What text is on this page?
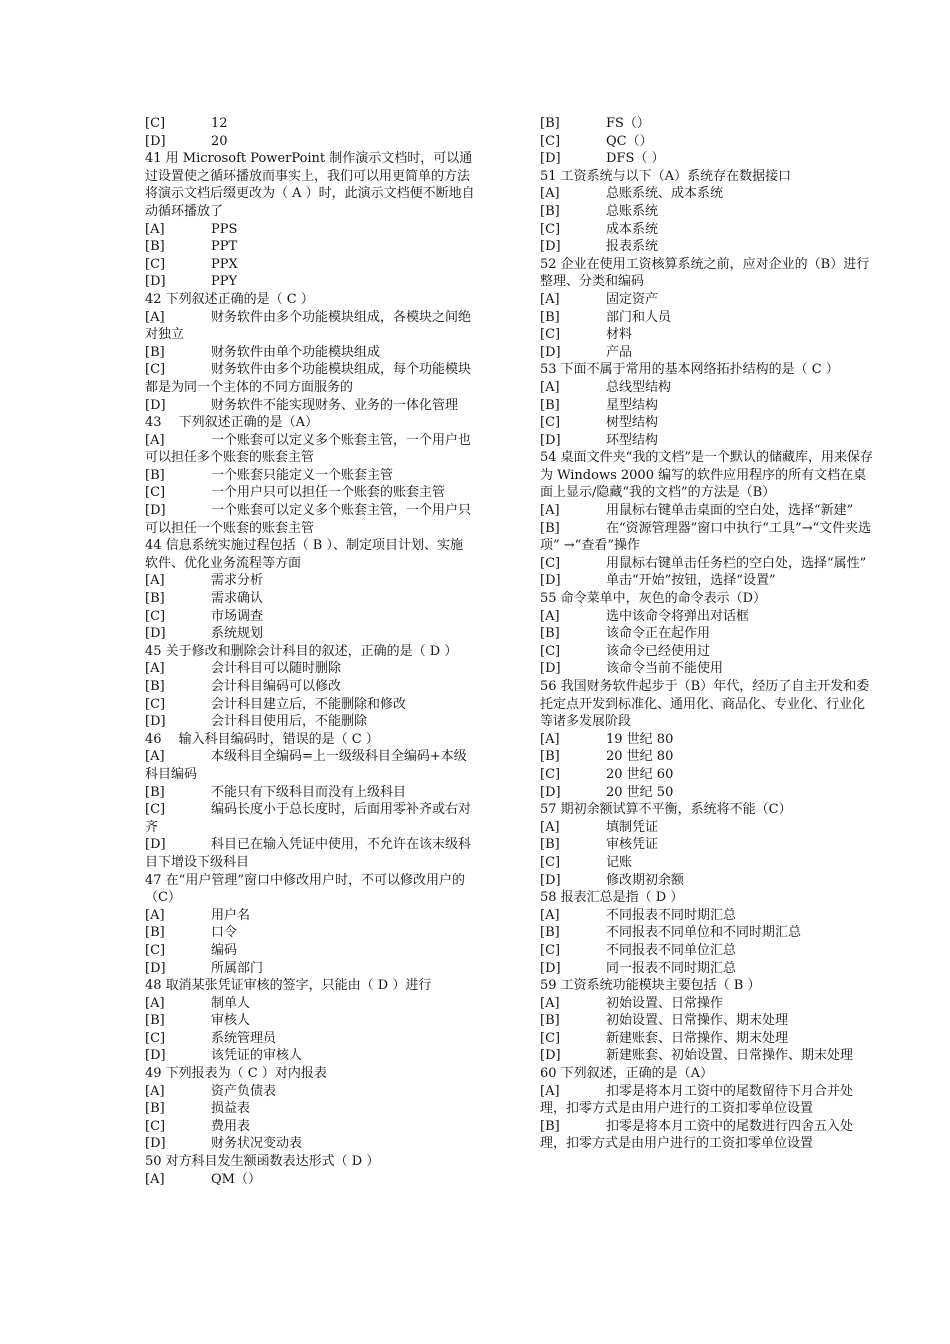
[C]	12
[D]	20
41 用 Microsoft PowerPoint 制作演示文档时，可以通过设置使之循环播放而事实上，我们可以用更简单的方法将演示文档后缀更改为（ A ）时，此演示文档便不断地自动循环播放了
[A]	PPS
[B]	PPT
[C]	PPX
[D]	PPY
42 下列叙述正确的是（ C ）
[A]	财务软件由多个功能模块组成，各模块之间绝对独立
[B]	财务软件由单个功能模块组成
[C]	财务软件由多个功能模块组成，每个功能模块都是为同一个主体的不同方面服务的
[D]	财务软件不能实现财务、业务的一体化管理
43　 下列叙述正确的是（A）
[A]	一个账套可以定义多个账套主管，一个用户也可以担任多个账套的账套主管
[B]	一个账套只能定义一个账套主管
[C]	一个用户只可以担任一个账套的账套主管
[D]	一个账套可以定义多个账套主管，一个用户只可以担任一个账套的账套主管
44 信息系统实施过程包括（ B ）、制定项目计划、实施软件、优化业务流程等方面
[A]	需求分析
[B]	需求确认
[C]	市场调查
[D]	系统规划
45 关于修改和删除会计科目的叙述，正确的是（ D ）
[A]	会计科目可以随时删除
[B]	会计科目编码可以修改
[C]	会计科目建立后，不能删除和修改
[D]	会计科目使用后，不能删除
46　 输入科目编码时，错误的是（ C ）
[A]	本级科目全编码=上一级级科目全编码+本级科目编码
[B]	不能只有下级科目而没有上级科目
[C]	编码长度小于总长度时，后面用零补齐或右对齐
[D]	科目已在输入凭证中使用，不允许在该末级科目下增设下级科目
47 在“用户管理”窗口中修改用户时，不可以修改用户的（C）
[A]	用户名
[B]	口令
[C]	编码
[D]	所属部门
48 取消某张凭证审核的签字，只能由（ D ）进行
[A]	制单人
[B]	审核人
[C]	系统管理员
[D]	该凭证的审核人
49 下列报表为（ C ）对内报表
[A]	资产负债表
[B]	损益表
[C]	费用表
[D]	财务状况变动表
50 对方科目发生额函数表达形式（ D ）
[A]	QM（）
[B]	FS（）
[C]	QC（）
[D]	DFS（ ）
51 工资系统与以下（A）系统存在数据接口
[A]	总账系统、成本系统
[B]	总账系统
[C]	成本系统
[D]	报表系统
52 企业在使用工资核算系统之前，应对企业的（B）进行整理、分类和编码
[A]	固定资产
[B]	部门和人员
[C]	材料
[D]	产品
53 下面不属于常用的基本网络拓扑结构的是（ C ）
[A]	总线型结构
[B]	星型结构
[C]	树型结构
[D]	环型结构
54 桌面文件夹“我的文档”是一个默认的储藏库，用来保存为 Windows 2000 编写的软件应用程序的所有文档在桌面上显示/隐藏“我的文档”的方法是（B）
[A]	用鼠标右键单击桌面的空白处，选择“新建”
[B]	在“资源管理器”窗口中执行“工具”→“文件夹选项” →“查看”操作
[C]	用鼠标右键单击任务栏的空白处，选择“属性”
[D]	单击“开始”按钮，选择“设置”
55 命令菜单中，灰色的命令表示（D）
[A]	选中该命令将弹出对话框
[B]	该命令正在起作用
[C]	该命令已经使用过
[D]	该命令当前不能使用
56 我国财务软件起步于（B）年代，经历了自主开发和委托定点开发到标准化、通用化、商品化、专业化、行业化等诸多发展阶段
[A]	19 世纪 80
[B]	20 世纪 80
[C]	20 世纪 60
[D]	20 世纪 50
57 期初余额试算不平衡，系统将不能（C）
[A]	填制凭证
[B]	审核凭证
[C]	记账
[D]	修改期初余额
58 报表汇总是指（ D ）
[A]	不同报表不同时期汇总
[B]	不同报表不同单位和不同时期汇总
[C]	不同报表不同单位汇总
[D]	同一报表不同时期汇总
59 工资系统功能模块主要包括（ B ）
[A]	初始设置、日常操作
[B]	初始设置、日常操作、期末处理
[C]	新建账套、日常操作、期末处理
[D]	新建账套、初始设置、日常操作、期末处理
60 下列叙述，正确的是（A）
[A]	扣零是将本月工资中的尾数留待下月合并处理，扣零方式是由用户进行的工资扣零单位设置
[B]	扣零是将本月工资中的尾数进行四舍五入处理，扣零方式是由用户进行的工资扣零单位设置
